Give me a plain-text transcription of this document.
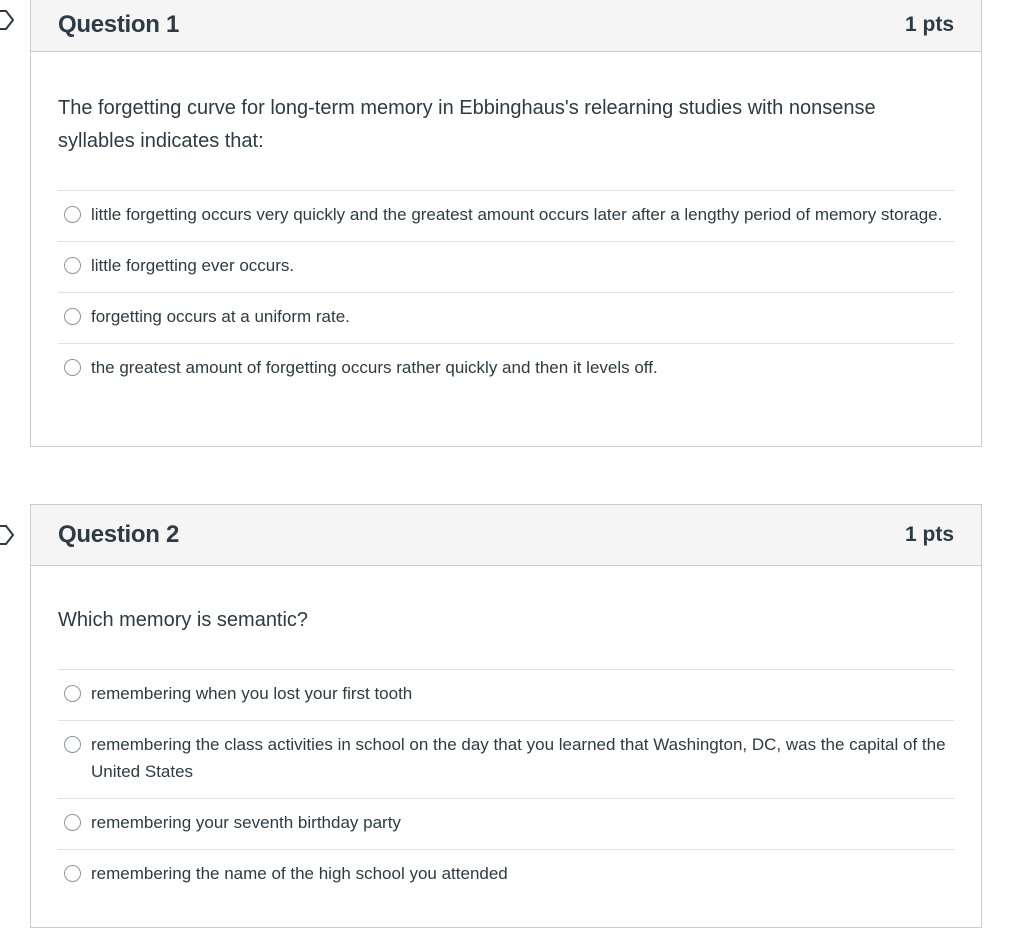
Question 1	1 pts

The forgetting curve for long-term memory in Ebbinghaus's relearning studies with nonsense syllables indicates that:

little forgetting occurs very quickly and the greatest amount occurs later after a lengthy period of memory storage.
little forgetting ever occurs.
forgetting occurs at a uniform rate.
the greatest amount of forgetting occurs rather quickly and then it levels off.
Question 2	1 pts

Which memory is semantic?

remembering when you lost your first tooth
remembering the class activities in school on the day that you learned that Washington, DC, was the capital of the United States
remembering your seventh birthday party
remembering the name of the high school you attended
